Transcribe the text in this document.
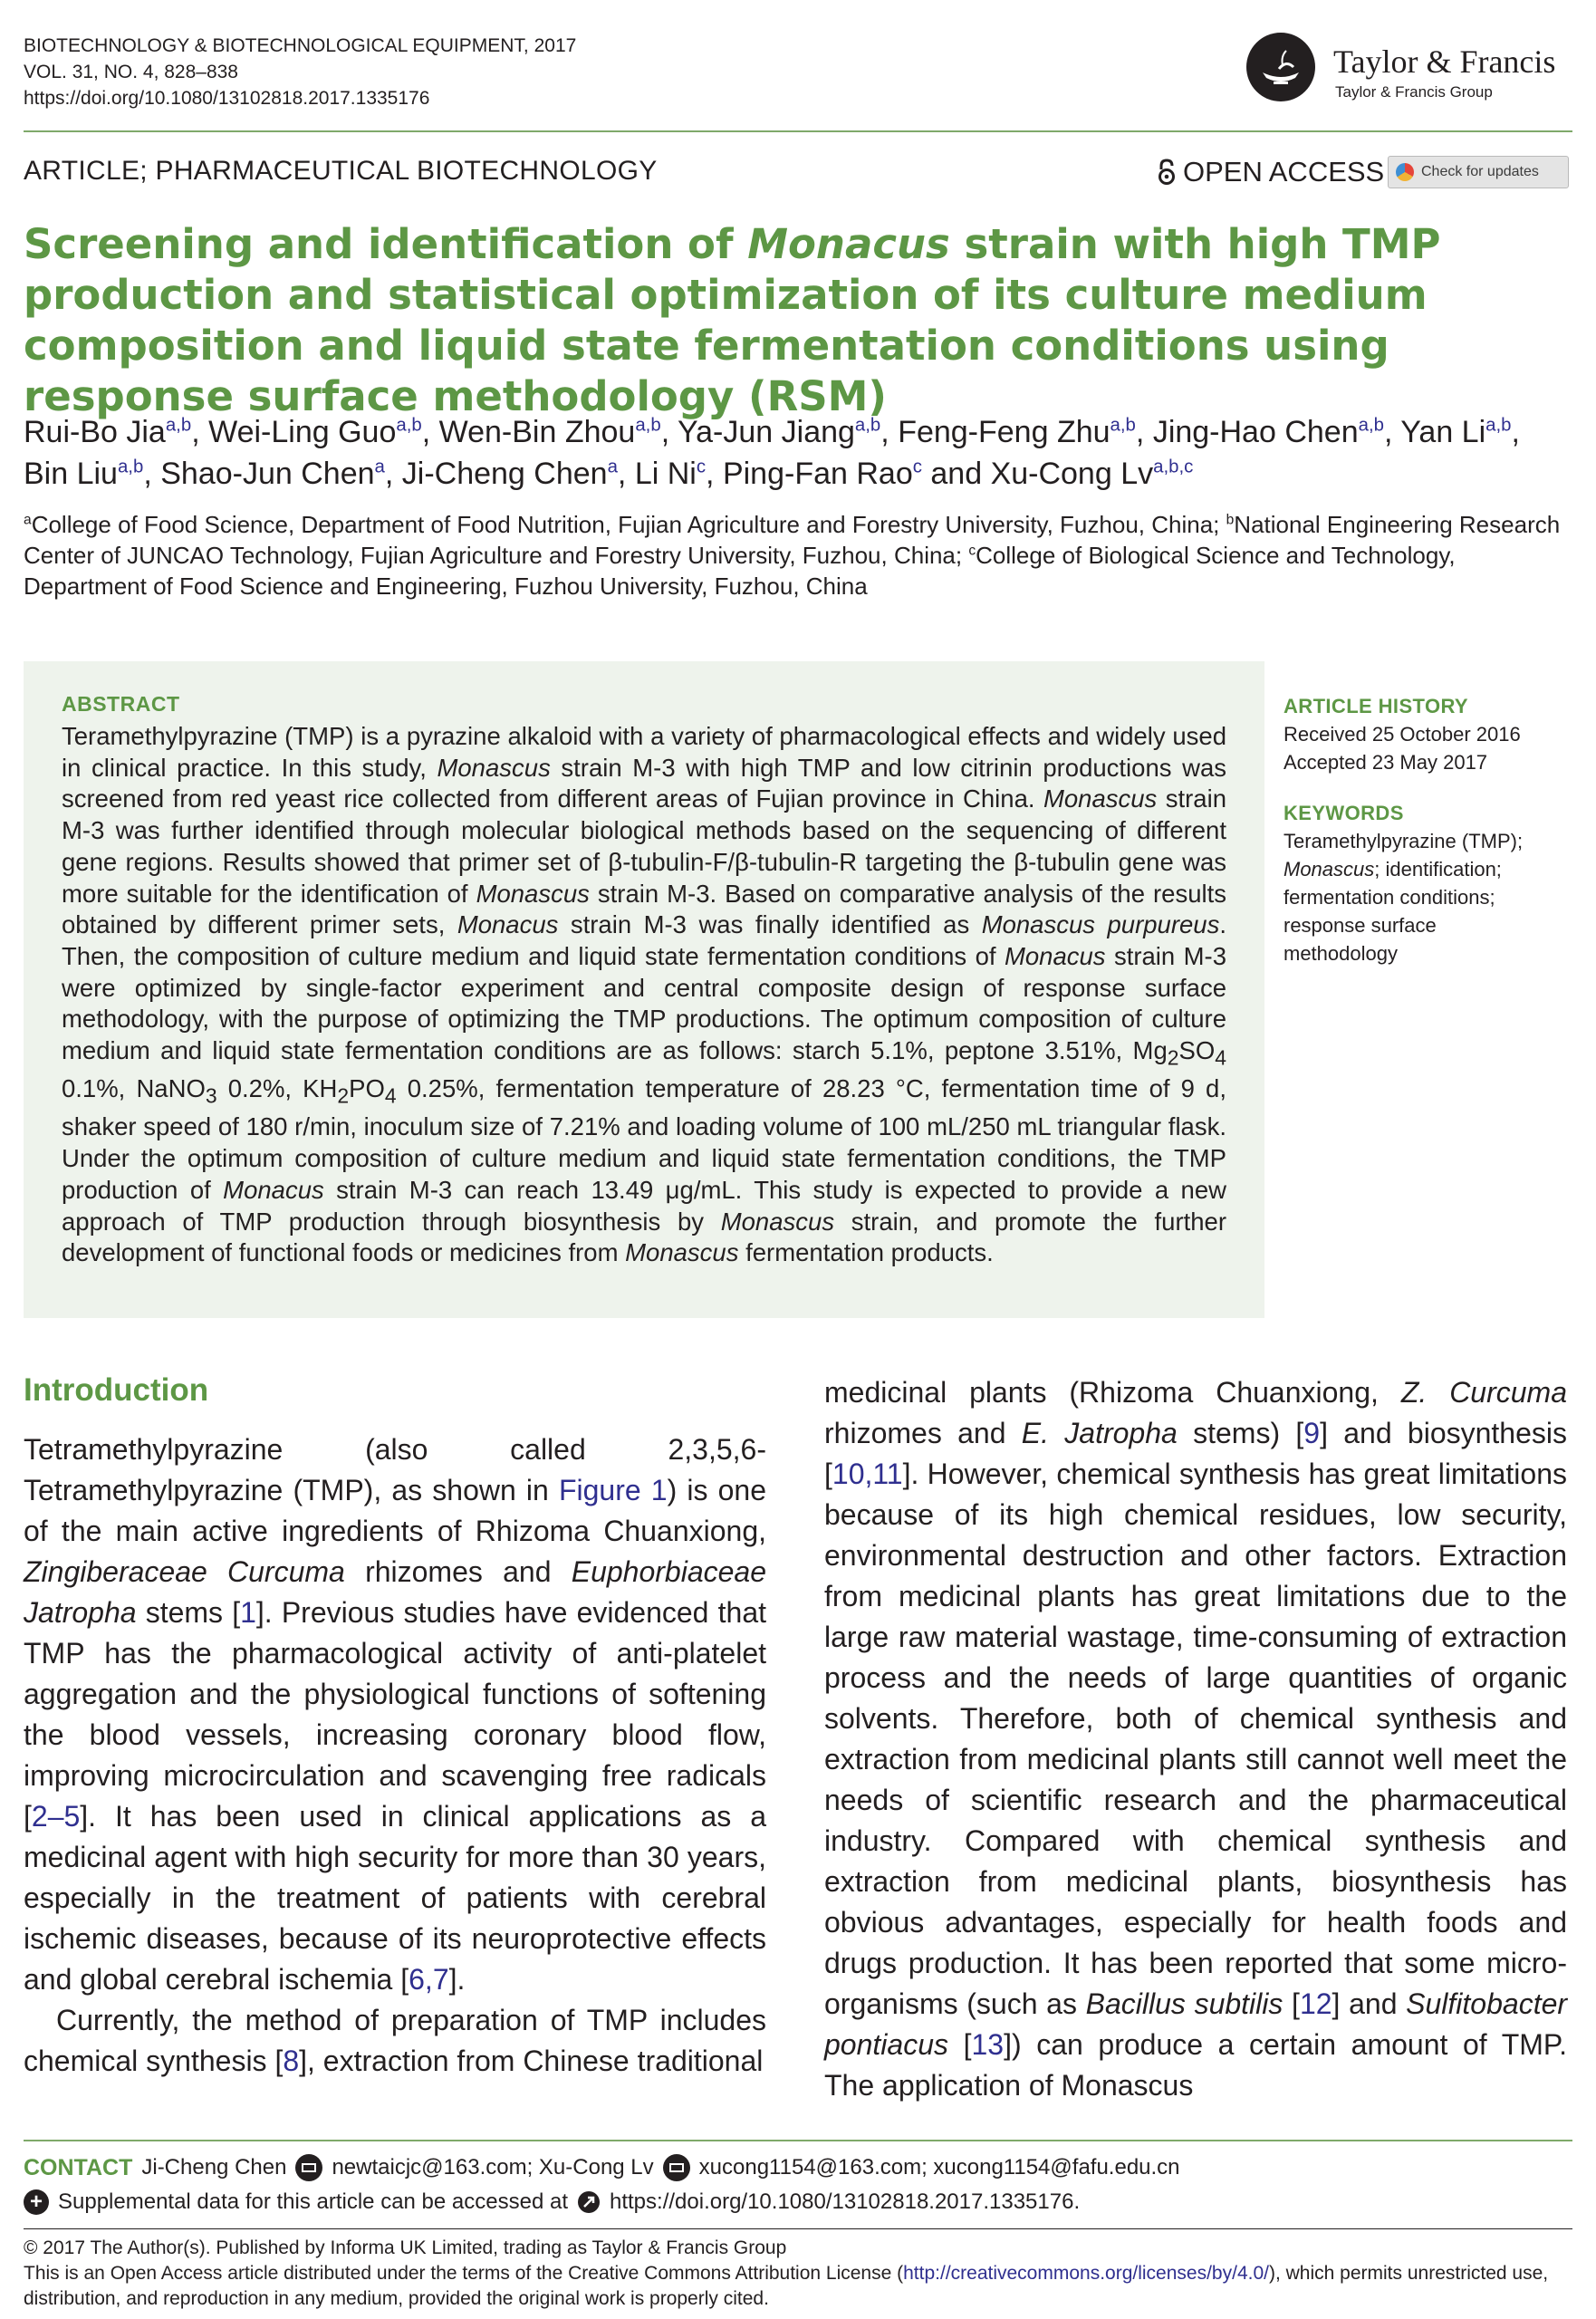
BIOTECHNOLOGY & BIOTECHNOLOGICAL EQUIPMENT, 2017
VOL. 31, NO. 4, 828–838
https://doi.org/10.1080/13102818.2017.1335176
Taylor & Francis
Taylor & Francis Group
ARTICLE; PHARMACEUTICAL BIOTECHNOLOGY	OPEN ACCESS	Check for updates
Screening and identification of Monacus strain with high TMP production and statistical optimization of its culture medium composition and liquid state fermentation conditions using response surface methodology (RSM)
Rui-Bo Jia$^{a,b}$, Wei-Ling Guo$^{a,b}$, Wen-Bin Zhou$^{a,b}$, Ya-Jun Jiang$^{a,b}$, Feng-Feng Zhu$^{a,b}$, Jing-Hao Chen$^{a,b}$, Yan Li$^{a,b}$, Bin Liu$^{a,b}$, Shao-Jun Chen$^a$, Ji-Cheng Chen$^a$, Li Ni$^c$, Ping-Fan Rao$^c$ and Xu-Cong Lv$^{a,b,c}$
$^a$College of Food Science, Department of Food Nutrition, Fujian Agriculture and Forestry University, Fuzhou, China; $^b$National Engineering Research Center of JUNCAO Technology, Fujian Agriculture and Forestry University, Fuzhou, China; $^c$College of Biological Science and Technology, Department of Food Science and Engineering, Fuzhou University, Fuzhou, China
ABSTRACT
Teramethylpyrazine (TMP) is a pyrazine alkaloid with a variety of pharmacological effects and widely used in clinical practice. In this study, Monascus strain M-3 with high TMP and low citrinin productions was screened from red yeast rice collected from different areas of Fujian province in China. Monascus strain M-3 was further identified through molecular biological methods based on the sequencing of different gene regions. Results showed that primer set of β-tubulin-F/β-tubulin-R targeting the β-tubulin gene was more suitable for the identification of Monascus strain M-3. Based on comparative analysis of the results obtained by different primer sets, Monacus strain M-3 was finally identified as Monascus purpureus. Then, the composition of culture medium and liquid state fermentation conditions of Monacus strain M-3 were optimized by single-factor experiment and central composite design of response surface methodology, with the purpose of optimizing the TMP productions. The optimum composition of culture medium and liquid state fermentation conditions are as follows: starch 5.1%, peptone 3.51%, $Mg_2SO_4$ 0.1%, NaNO$_3$ 0.2%, $KH_2PO_4$ 0.25%, fermentation temperature of 28.23 °C, fermentation time of 9 d, shaker speed of 180 r/min, inoculum size of 7.21% and loading volume of 100 mL/250 mL triangular flask. Under the optimum composition of culture medium and liquid state fermentation conditions, the TMP production of Monacus strain M-3 can reach 13.49 μg/mL. This study is expected to provide a new approach of TMP production through biosynthesis by Monascus strain, and promote the further development of functional foods or medicines from Monascus fermentation products.
ARTICLE HISTORY
Received 25 October 2016
Accepted 23 May 2017
KEYWORDS
Teramethylpyrazine (TMP);
Monascus; identification;
fermentation conditions;
response surface
methodology
Introduction

Tetramethylpyrazine (also called 2,3,5,6-Tetramethylpyrazine (TMP), as shown in Figure 1) is one of the main active ingredients of Rhizoma Chuanxiong, Zingiberaceae Curcuma rhizomes and Euphorbiaceae Jatropha stems [1]. Previous studies have evidenced that TMP has the pharmacological activity of anti-platelet aggregation and the physiological functions of softening the blood vessels, increasing coronary blood flow, improving microcirculation and scavenging free radicals [2–5]. It has been used in clinical applications as a medicinal agent with high security for more than 30 years, especially in the treatment of patients with cerebral ischemic diseases, because of its neuroprotective effects and global cerebral ischemia [6,7].

Currently, the method of preparation of TMP includes chemical synthesis [8], extraction from Chinese traditional

medicinal plants (Rhizoma Chuanxiong, Z. Curcuma rhizomes and E. Jatropha stems) [9] and biosynthesis [10,11]. However, chemical synthesis has great limitations because of its high chemical residues, low security, environmental destruction and other factors. Extraction from medicinal plants has great limitations due to the large raw material wastage, time-consuming of extraction process and the needs of large quantities of organic solvents. Therefore, both of chemical synthesis and extraction from medicinal plants still cannot well meet the needs of scientific research and the pharmaceutical industry. Compared with chemical synthesis and extraction from medicinal plants, biosynthesis has obvious advantages, especially for health foods and drugs production. It has been reported that some micro-organisms (such as Bacillus subtilis [12] and Sulfitobacter pontiacus [13]) can produce a certain amount of TMP. The application of Monascus

CONTACT Ji-Cheng Chen newtaicjc@163.com; Xu-Cong Lv xucong1154@163.com; xucong1154@fafu.edu.cn
+ Supplemental data for this article can be accessed at https://doi.org/10.1080/13102818.2017.1335176.
© 2017 The Author(s). Published by Informa UK Limited, trading as Taylor & Francis Group
This is an Open Access article distributed under the terms of the Creative Commons Attribution License (http://creativecommons.org/licenses/by/4.0/), which permits unrestricted use,
distribution, and reproduction in any medium, provided the original work is properly cited.
